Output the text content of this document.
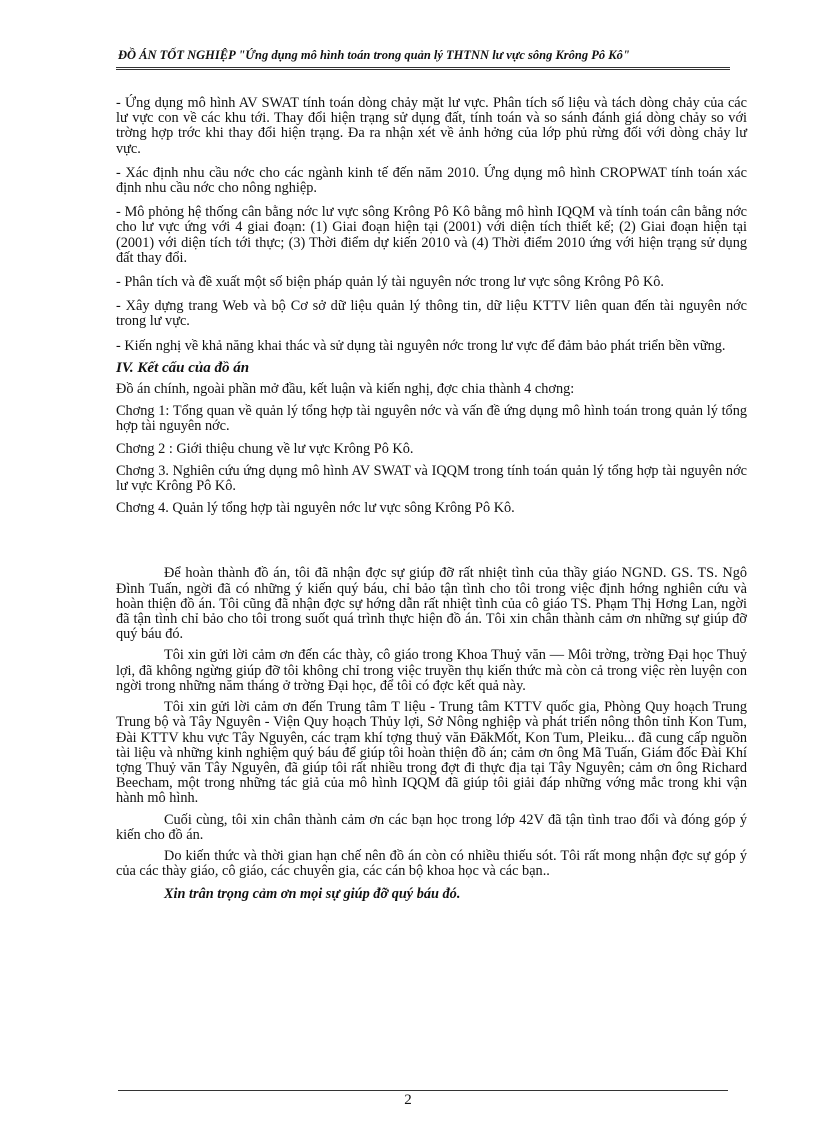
ĐỒ ÁN TỐT NGHIỆP "Ứng dụng mô hình toán trong quản lý THTNN lư vực sông Krông Pô Kô"

- Ứng dụng mô hình AV SWAT tính toán dòng chảy mặt lư vực. Phân tích số liệu và tách dòng chảy của các lư vực con về các khu tới. Thay đổi hiện trạng sử dụng đất, tính toán và so sánh đánh giá dòng chảy so với trờng hợp trớc khi thay đổi hiện trạng. Đa ra nhận xét về ảnh hởng của lớp phủ rừng đối với dòng chảy lư vực.

- Xác định nhu cầu nớc cho các ngành kinh tế đến năm 2010. Ứng dụng mô hình CROPWAT tính toán xác định nhu cầu nớc cho nông nghiệp.

- Mô phỏng hệ thống cân bằng nớc lư vực sông Krông Pô Kô bằng mô hình IQQM và tính toán cân bằng nớc cho lư vực ứng với 4 giai đoạn: (1) Giai đoạn hiện tại (2001) với diện tích thiết kế; (2) Giai đoạn hiện tại (2001) với diện tích tới thực; (3) Thời điểm dự kiến 2010 và (4) Thời điểm 2010 ứng với hiện trạng sử dụng đất thay đổi.

- Phân tích và đề xuất một số biện pháp quản lý tài nguyên nớc trong lư vực sông Krông Pô Kô.

- Xây dựng trang Web và bộ Cơ sở dữ liệu quản lý thông tin, dữ liệu KTTV liên quan đến tài nguyên nớc trong lư vực.

- Kiến nghị về khả năng khai thác và sử dụng tài nguyên nớc trong lư vực để đảm bảo phát triển bền vững.

IV. Kết cấu của đồ án

Đồ án chính, ngoài phần mở đầu, kết luận và kiến nghị, đợc chia thành 4 chơng:

Chơng 1: Tổng quan về quản lý tổng hợp tài nguyên nớc và vấn đề ứng dụng mô hình toán trong quản lý tổng hợp tài nguyên nớc.

Chơng 2 : Giới thiệu chung về lư vực Krông Pô Kô.

Chơng 3. Nghiên cứu ứng dụng mô hình AV SWAT và IQQM trong tính toán quản lý tổng hợp tài nguyên nớc lư vực Krông Pô Kô.

Chơng 4. Quản lý tổng hợp tài nguyên nớc lư vực sông Krông Pô Kô.

Để hoàn thành đồ án, tôi đã nhận đợc sự giúp đỡ rất nhiệt tình của thầy giáo NGND. GS. TS. Ngô Đình Tuấn, ngời đã có những ý kiến quý báu, chỉ bảo tận tình cho tôi trong việc định hớng nghiên cứu và hoàn thiện đồ án. Tôi cũng đã nhận đợc sự hớng dẫn rất nhiệt tình của cô giáo TS. Phạm Thị Hơng Lan, ngời đã tận tình chỉ bảo cho tôi trong suốt quá trình thực hiện đồ án. Tôi xin chân thành cảm ơn những sự giúp đỡ quý báu đó.

Tôi xin gửi lời cảm ơn đến các thày, cô giáo trong Khoa Thuỷ văn — Môi trờng, trờng Đại học Thuỷ lợi, đã không ngừng giúp đỡ tôi không chỉ trong việc truyền thụ kiến thức mà còn cả trong việc rèn luyện con ngời trong những năm tháng ở trờng Đại học, để tôi có đợc kết quả này.

Tôi xin gửi lời cảm ơn đến Trung tâm T liệu - Trung tâm KTTV quốc gia, Phòng Quy hoạch Trung Trung bộ và Tây Nguyên - Viện Quy hoạch Thủy lợi, Sở Nông nghiệp và phát triển nông thôn tỉnh Kon Tum, Đài KTTV khu vực Tây Nguyên, các trạm khí tợng thuỷ văn ĐăkMốt, Kon Tum, Pleiku... đã cung cấp nguồn tài liệu và những kinh nghiệm quý báu để giúp tôi hoàn thiện đồ án; cảm ơn ông Mã Tuấn, Giám đốc Đài Khí tợng Thuỷ văn Tây Nguyên, đã giúp tôi rất nhiều trong đợt đi thực địa tại Tây Nguyên; cảm ơn ông Richard Beecham, một trong những tác giả của mô hình IQQM đã giúp tôi giải đáp những vớng mắc trong khi vận hành mô hình.

Cuối cùng, tôi xin chân thành cảm ơn các bạn học trong lớp 42V đã tận tình trao đổi và đóng góp ý kiến cho đồ án.

Do kiến thức và thời gian hạn chế nên đồ án còn có nhiều thiếu sót. Tôi rất mong nhận đợc sự góp ý của các thày giáo, cô giáo, các chuyên gia, các cán bộ khoa học và các bạn..

Xin trân trọng cảm ơn mọi sự giúp đỡ quý báu đó.
2
